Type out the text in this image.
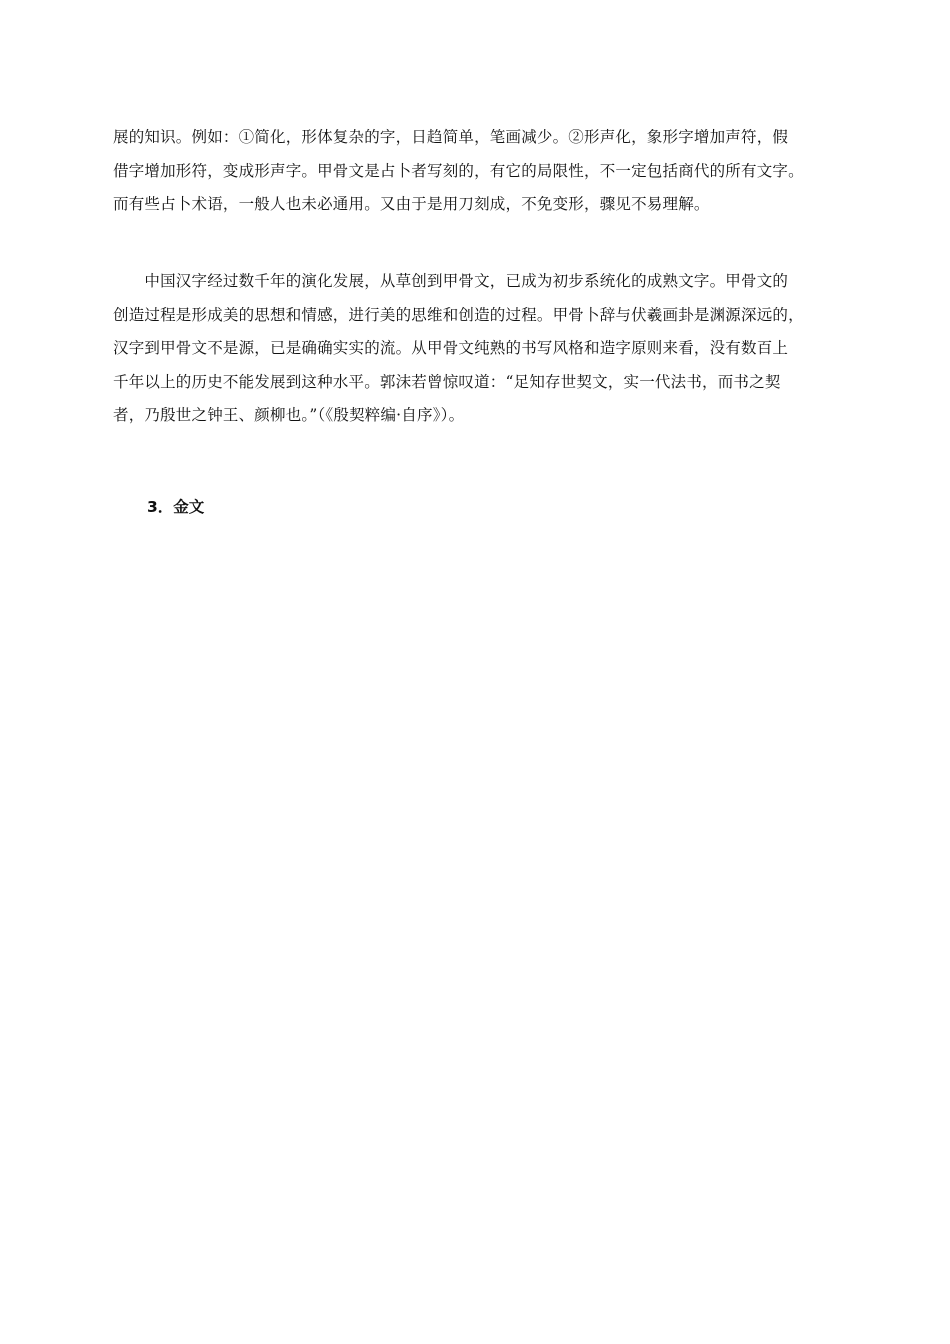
展的知识。例如：①简化，形体复杂的字，日趋简单，笔画减少。②形声化，象形字增加声符，假
借字增加形符，变成形声字。甲骨文是占卜者写刻的，有它的局限性，不一定包括商代的所有文字。
而有些占卜术语，一般人也未必通用。又由于是用刀刻成，不免变形，骤见不易理解。

　　中国汉字经过数千年的演化发展，从草创到甲骨文，已成为初步系统化的成熟文字。甲骨文的
创造过程是形成美的思想和情感，进行美的思维和创造的过程。甲骨卜辞与伏羲画卦是渊源深远的，
汉字到甲骨文不是源，已是确确实实的流。从甲骨文纯熟的书写风格和造字原则来看，没有数百上
千年以上的历史不能发展到这种水平。郭沫若曾惊叹道：“足知存世契文，实一代法书，而书之契
者，乃殷世之钟王、颜柳也。”（《殷契粹编·自序》）。

3．金文
